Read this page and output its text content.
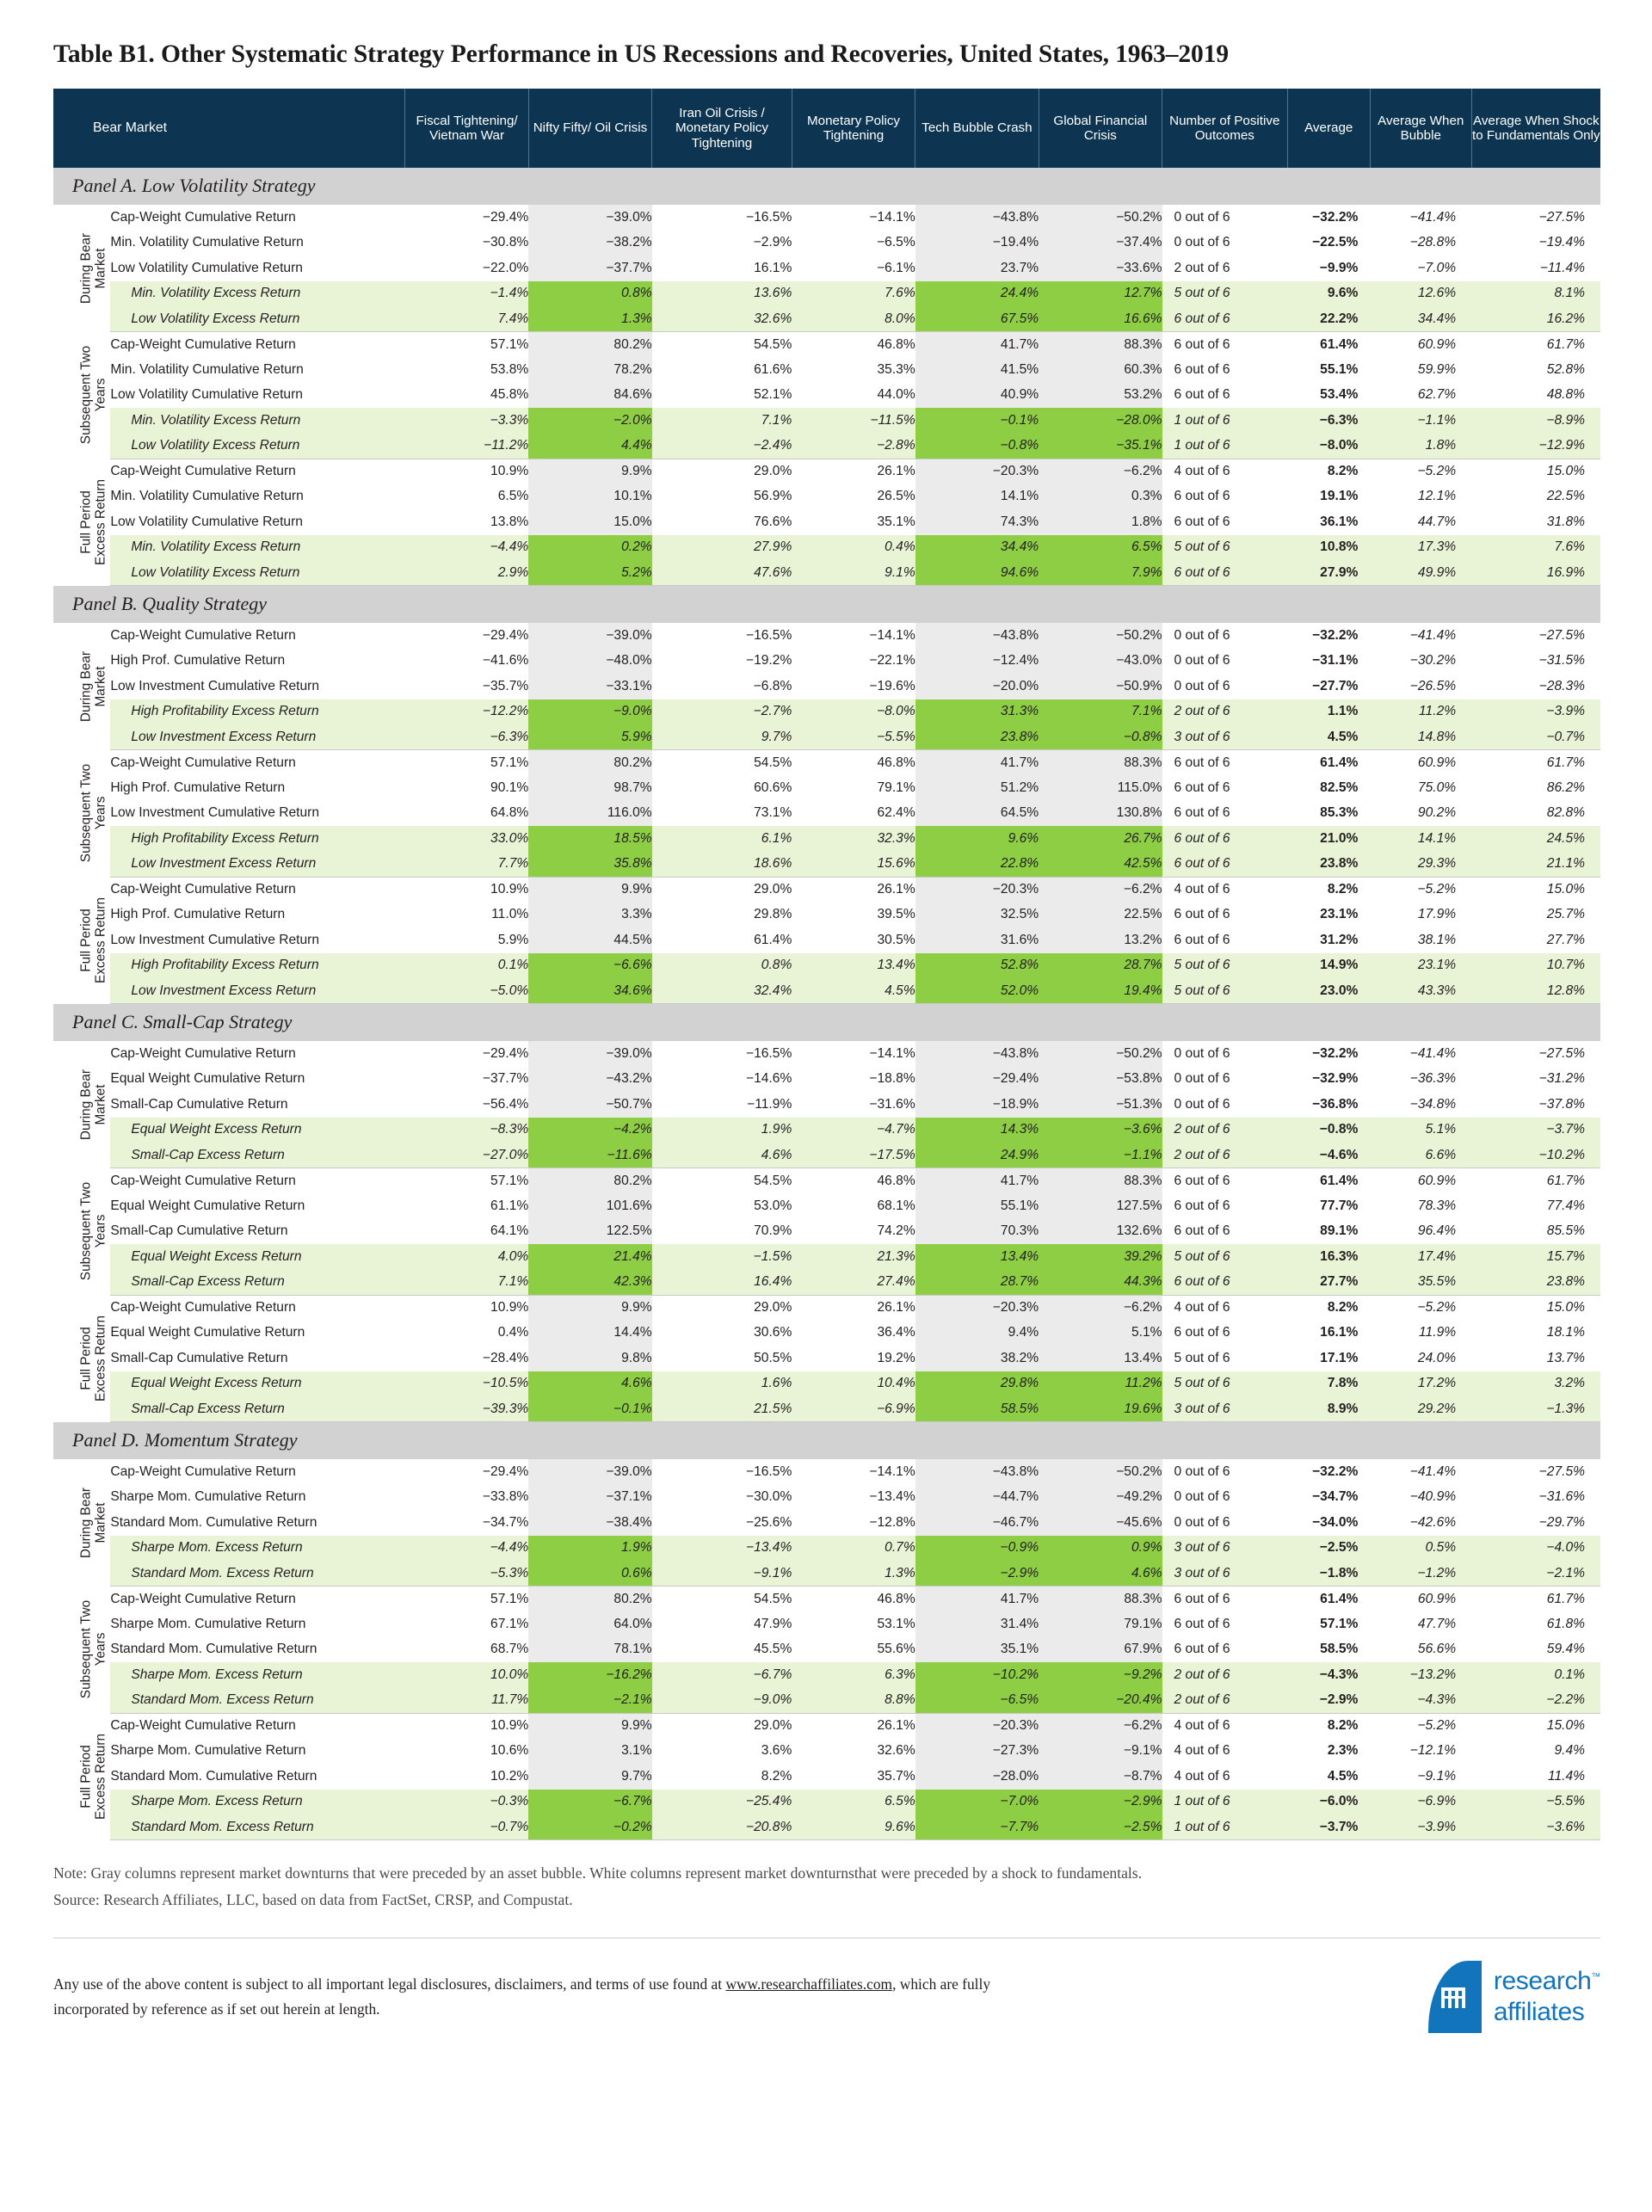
Table B1. Other Systematic Strategy Performance in US Recessions and Recoveries, United States, 1963–2019
Bear Market			Fiscal Tightening/ Vietnam War	Nifty Fifty/ Oil Crisis	Iran Oil Crisis / Monetary Policy Tightening	Monetary Policy Tightening	Tech Bubble Crash	Global Financial Crisis	Number of Positive Outcomes	Average	Average When Bubble	Average When Shock to Fundamentals Only
Panel A. Low Volatility Strategy												

	During Bear
Market	Cap-Weight Cumulative Return	−29.4%	−39.0%	−16.5%	−14.1%	−43.8%	−50.2%	0 out of 6	−32.2%	−41.4%	−27.5%
		Min. Volatility Cumulative Return	−30.8%	−38.2%	−2.9%	−6.5%	−19.4%	−37.4%	0 out of 6	−22.5%	−28.8%	−19.4%
		Low Volatility Cumulative Return	−22.0%	−37.7%	16.1%	−6.1%	23.7%	−33.6%	2 out of 6	−9.9%	−7.0%	−11.4%
		Min. Volatility Excess Return	−1.4%	0.8%	13.6%	7.6%	24.4%	12.7%	5 out of 6	9.6%	12.6%	8.1%
		Low Volatility Excess Return	7.4%	1.3%	32.6%	8.0%	67.5%	16.6%	6 out of 6	22.2%	34.4%	16.2%

	Subsequent Two
Years	Cap-Weight Cumulative Return	57.1%	80.2%	54.5%	46.8%	41.7%	88.3%	6 out of 6	61.4%	60.9%	61.7%
		Min. Volatility Cumulative Return	53.8%	78.2%	61.6%	35.3%	41.5%	60.3%	6 out of 6	55.1%	59.9%	52.8%
		Low Volatility Cumulative Return	45.8%	84.6%	52.1%	44.0%	40.9%	53.2%	6 out of 6	53.4%	62.7%	48.8%
		Min. Volatility Excess Return	−3.3%	−2.0%	7.1%	−11.5%	−0.1%	−28.0%	1 out of 6	−6.3%	−1.1%	−8.9%
		Low Volatility Excess Return	−11.2%	4.4%	−2.4%	−2.8%	−0.8%	−35.1%	1 out of 6	−8.0%	1.8%	−12.9%

	Full Period
Excess Return	Cap-Weight Cumulative Return	10.9%	9.9%	29.0%	26.1%	−20.3%	−6.2%	4 out of 6	8.2%	−5.2%	15.0%
		Min. Volatility Cumulative Return	6.5%	10.1%	56.9%	26.5%	14.1%	0.3%	6 out of 6	19.1%	12.1%	22.5%
		Low Volatility Cumulative Return	13.8%	15.0%	76.6%	35.1%	74.3%	1.8%	6 out of 6	36.1%	44.7%	31.8%
		Min. Volatility Excess Return	−4.4%	0.2%	27.9%	0.4%	34.4%	6.5%	5 out of 6	10.8%	17.3%	7.6%
		Low Volatility Excess Return	2.9%	5.2%	47.6%	9.1%	94.6%	7.9%	6 out of 6	27.9%	49.9%	16.9%
Panel B. Quality Strategy												

	During Bear
Market	Cap-Weight Cumulative Return	−29.4%	−39.0%	−16.5%	−14.1%	−43.8%	−50.2%	0 out of 6	−32.2%	−41.4%	−27.5%
		High Prof. Cumulative Return	−41.6%	−48.0%	−19.2%	−22.1%	−12.4%	−43.0%	0 out of 6	−31.1%	−30.2%	−31.5%
		Low Investment Cumulative Return	−35.7%	−33.1%	−6.8%	−19.6%	−20.0%	−50.9%	0 out of 6	−27.7%	−26.5%	−28.3%
		High Profitability Excess Return	−12.2%	−9.0%	−2.7%	−8.0%	31.3%	7.1%	2 out of 6	1.1%	11.2%	−3.9%
		Low Investment Excess Return	−6.3%	5.9%	9.7%	−5.5%	23.8%	−0.8%	3 out of 6	4.5%	14.8%	−0.7%

	Subsequent Two
Years	Cap-Weight Cumulative Return	57.1%	80.2%	54.5%	46.8%	41.7%	88.3%	6 out of 6	61.4%	60.9%	61.7%
		High Prof. Cumulative Return	90.1%	98.7%	60.6%	79.1%	51.2%	115.0%	6 out of 6	82.5%	75.0%	86.2%
		Low Investment Cumulative Return	64.8%	116.0%	73.1%	62.4%	64.5%	130.8%	6 out of 6	85.3%	90.2%	82.8%
		High Profitability Excess Return	33.0%	18.5%	6.1%	32.3%	9.6%	26.7%	6 out of 6	21.0%	14.1%	24.5%
		Low Investment Excess Return	7.7%	35.8%	18.6%	15.6%	22.8%	42.5%	6 out of 6	23.8%	29.3%	21.1%

	Full Period
Excess Return	Cap-Weight Cumulative Return	10.9%	9.9%	29.0%	26.1%	−20.3%	−6.2%	4 out of 6	8.2%	−5.2%	15.0%
		High Prof. Cumulative Return	11.0%	3.3%	29.8%	39.5%	32.5%	22.5%	6 out of 6	23.1%	17.9%	25.7%
		Low Investment Cumulative Return	5.9%	44.5%	61.4%	30.5%	31.6%	13.2%	6 out of 6	31.2%	38.1%	27.7%
		High Profitability Excess Return	0.1%	−6.6%	0.8%	13.4%	52.8%	28.7%	5 out of 6	14.9%	23.1%	10.7%
		Low Investment Excess Return	−5.0%	34.6%	32.4%	4.5%	52.0%	19.4%	5 out of 6	23.0%	43.3%	12.8%
Panel C. Small-Cap Strategy												

	During Bear
Market	Cap-Weight Cumulative Return	−29.4%	−39.0%	−16.5%	−14.1%	−43.8%	−50.2%	0 out of 6	−32.2%	−41.4%	−27.5%
		Equal Weight Cumulative Return	−37.7%	−43.2%	−14.6%	−18.8%	−29.4%	−53.8%	0 out of 6	−32.9%	−36.3%	−31.2%
		Small-Cap Cumulative Return	−56.4%	−50.7%	−11.9%	−31.6%	−18.9%	−51.3%	0 out of 6	−36.8%	−34.8%	−37.8%
		Equal Weight Excess Return	−8.3%	−4.2%	1.9%	−4.7%	14.3%	−3.6%	2 out of 6	−0.8%	5.1%	−3.7%
		Small-Cap Excess Return	−27.0%	−11.6%	4.6%	−17.5%	24.9%	−1.1%	2 out of 6	−4.6%	6.6%	−10.2%

	Subsequent Two
Years	Cap-Weight Cumulative Return	57.1%	80.2%	54.5%	46.8%	41.7%	88.3%	6 out of 6	61.4%	60.9%	61.7%
		Equal Weight Cumulative Return	61.1%	101.6%	53.0%	68.1%	55.1%	127.5%	6 out of 6	77.7%	78.3%	77.4%
		Small-Cap Cumulative Return	64.1%	122.5%	70.9%	74.2%	70.3%	132.6%	6 out of 6	89.1%	96.4%	85.5%
		Equal Weight Excess Return	4.0%	21.4%	−1.5%	21.3%	13.4%	39.2%	5 out of 6	16.3%	17.4%	15.7%
		Small-Cap Excess Return	7.1%	42.3%	16.4%	27.4%	28.7%	44.3%	6 out of 6	27.7%	35.5%	23.8%

	Full Period
Excess Return	Cap-Weight Cumulative Return	10.9%	9.9%	29.0%	26.1%	−20.3%	−6.2%	4 out of 6	8.2%	−5.2%	15.0%
		Equal Weight Cumulative Return	0.4%	14.4%	30.6%	36.4%	9.4%	5.1%	6 out of 6	16.1%	11.9%	18.1%
		Small-Cap Cumulative Return	−28.4%	9.8%	50.5%	19.2%	38.2%	13.4%	5 out of 6	17.1%	24.0%	13.7%
		Equal Weight Excess Return	−10.5%	4.6%	1.6%	10.4%	29.8%	11.2%	5 out of 6	7.8%	17.2%	3.2%
		Small-Cap Excess Return	−39.3%	−0.1%	21.5%	−6.9%	58.5%	19.6%	3 out of 6	8.9%	29.2%	−1.3%
Panel D. Momentum Strategy												

	During Bear
Market	Cap-Weight Cumulative Return	−29.4%	−39.0%	−16.5%	−14.1%	−43.8%	−50.2%	0 out of 6	−32.2%	−41.4%	−27.5%
		Sharpe Mom. Cumulative Return	−33.8%	−37.1%	−30.0%	−13.4%	−44.7%	−49.2%	0 out of 6	−34.7%	−40.9%	−31.6%
		Standard Mom. Cumulative Return	−34.7%	−38.4%	−25.6%	−12.8%	−46.7%	−45.6%	0 out of 6	−34.0%	−42.6%	−29.7%
		Sharpe Mom. Excess Return	−4.4%	1.9%	−13.4%	0.7%	−0.9%	0.9%	3 out of 6	−2.5%	0.5%	−4.0%
		Standard Mom. Excess Return	−5.3%	0.6%	−9.1%	1.3%	−2.9%	4.6%	3 out of 6	−1.8%	−1.2%	−2.1%

	Subsequent Two
Years	Cap-Weight Cumulative Return	57.1%	80.2%	54.5%	46.8%	41.7%	88.3%	6 out of 6	61.4%	60.9%	61.7%
		Sharpe Mom. Cumulative Return	67.1%	64.0%	47.9%	53.1%	31.4%	79.1%	6 out of 6	57.1%	47.7%	61.8%
		Standard Mom. Cumulative Return	68.7%	78.1%	45.5%	55.6%	35.1%	67.9%	6 out of 6	58.5%	56.6%	59.4%
		Sharpe Mom. Excess Return	10.0%	−16.2%	−6.7%	6.3%	−10.2%	−9.2%	2 out of 6	−4.3%	−13.2%	0.1%
		Standard Mom. Excess Return	11.7%	−2.1%	−9.0%	8.8%	−6.5%	−20.4%	2 out of 6	−2.9%	−4.3%	−2.2%

	Full Period
Excess Return	Cap-Weight Cumulative Return	10.9%	9.9%	29.0%	26.1%	−20.3%	−6.2%	4 out of 6	8.2%	−5.2%	15.0%
		Sharpe Mom. Cumulative Return	10.6%	3.1%	3.6%	32.6%	−27.3%	−9.1%	4 out of 6	2.3%	−12.1%	9.4%
		Standard Mom. Cumulative Return	10.2%	9.7%	8.2%	35.7%	−28.0%	−8.7%	4 out of 6	4.5%	−9.1%	11.4%
		Sharpe Mom. Excess Return	−0.3%	−6.7%	−25.4%	6.5%	−7.0%	−2.9%	1 out of 6	−6.0%	−6.9%	−5.5%
		Standard Mom. Excess Return	−0.7%	−0.2%	−20.8%	9.6%	−7.7%	−2.5%	1 out of 6	−3.7%	−3.9%	−3.6%

Note: Gray columns represent market downturns that were preceded by an asset bubble. White columns represent market downturnsthat were preceded by a shock to fundamentals.

Source: Research Affiliates, LLC, based on data from FactSet, CRSP, and Compustat.

Any use of the above content is subject to all important legal disclosures, disclaimers, and terms of use found at www.researchaffiliates.com, which are fully incorporated by reference as if set out herein at length.
research™
affiliates
